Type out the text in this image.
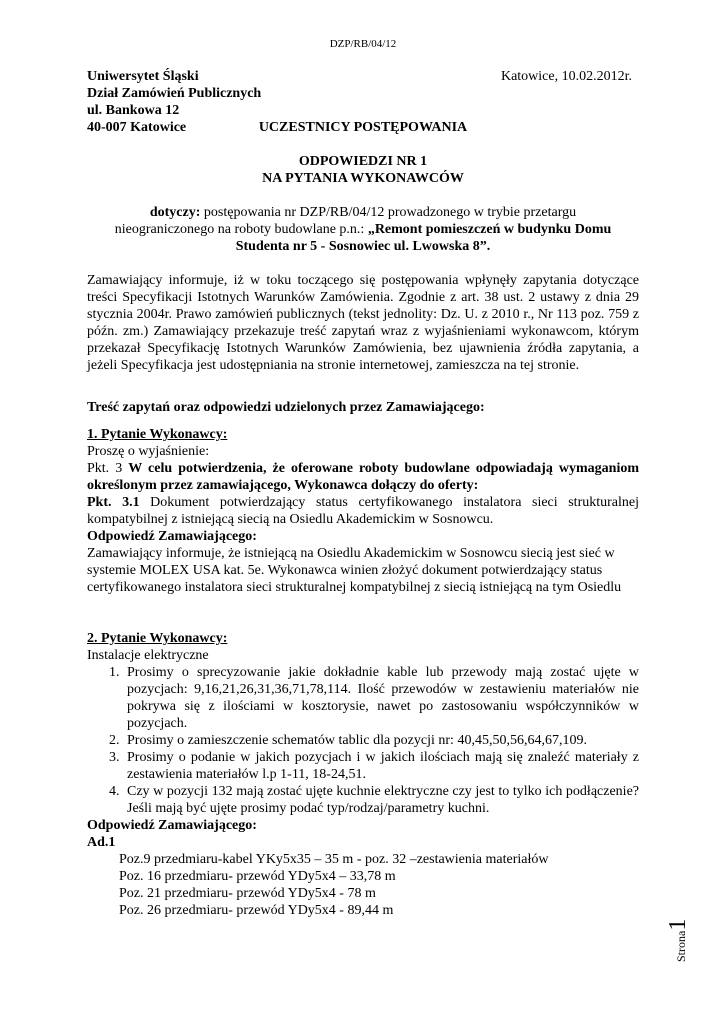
DZP/RB/04/12
Uniwersytet Śląski
Dział Zamówień Publicznych
ul. Bankowa 12
40-007 Katowice
Katowice, 10.02.2012r.
UCZESTNICY POSTĘPOWANIA
ODPOWIEDZI NR 1
NA PYTANIA WYKONAWCÓW
dotyczy: postępowania nr DZP/RB/04/12 prowadzonego w trybie przetargu nieograniczonego na roboty budowlane p.n.: „Remont pomieszczeń w budynku Domu Studenta nr 5 - Sosnowiec ul. Lwowska 8”.
Zamawiający informuje, iż w toku toczącego się postępowania wpłynęły zapytania dotyczące treści Specyfikacji Istotnych Warunków Zamówienia. Zgodnie z art. 38 ust. 2 ustawy z dnia 29 stycznia 2004r. Prawo zamówień publicznych (tekst jednolity: Dz. U. z 2010 r., Nr 113 poz. 759 z późn. zm.) Zamawiający przekazuje treść zapytań wraz z wyjaśnieniami wykonawcom, którym przekazał Specyfikację Istotnych Warunków Zamówienia, bez ujawnienia źródła zapytania, a jeżeli Specyfikacja jest udostępniania na stronie internetowej, zamieszcza na tej stronie.
Treść zapytań oraz odpowiedzi udzielonych przez Zamawiającego:
1. Pytanie Wykonawcy:
Proszę o wyjaśnienie:
Pkt. 3 W celu potwierdzenia, że oferowane roboty budowlane odpowiadają wymaganiom określonym przez zamawiającego, Wykonawca dołączy do oferty:
Pkt. 3.1 Dokument potwierdzający status certyfikowanego instalatora sieci strukturalnej kompatybilnej z istniejącą siecią na Osiedlu Akademickim w Sosnowcu.
Odpowiedź Zamawiającego:
Zamawiający informuje, że istniejącą na Osiedlu Akademickim w Sosnowcu siecią jest sieć w systemie MOLEX USA kat. 5e. Wykonawca winien złożyć dokument potwierdzający status certyfikowanego instalatora sieci strukturalnej kompatybilnej z siecią istniejącą na tym Osiedlu
2. Pytanie Wykonawcy:
Instalacje elektryczne
1. Prosimy o sprecyzowanie jakie dokładnie kable lub przewody mają zostać ujęte w pozycjach: 9,16,21,26,31,36,71,78,114. Ilość przewodów w zestawieniu materiałów nie pokrywa się z ilościami w kosztorysie, nawet po zastosowaniu współczynników w pozycjach.
2. Prosimy o zamieszczenie schematów tablic dla pozycji nr: 40,45,50,56,64,67,109.
3. Prosimy o podanie w jakich pozycjach i w jakich ilościach mają się znaleźć materiały z zestawienia materiałów l.p 1-11, 18-24,51.
4. Czy w pozycji 132 mają zostać ujęte kuchnie elektryczne czy jest to tylko ich podłączenie? Jeśli mają być ujęte prosimy podać typ/rodzaj/parametry kuchni.
Odpowiedź Zamawiającego:
Ad.1
Poz.9 przedmiaru-kabel YKy5x35 – 35 m - poz. 32 –zestawienia materiałów
Poz. 16 przedmiaru- przewód YDy5x4 – 33,78 m
Poz. 21 przedmiaru- przewód YDy5x4 - 78 m
Poz. 26 przedmiaru- przewód YDy5x4 - 89,44 m
Strona1
